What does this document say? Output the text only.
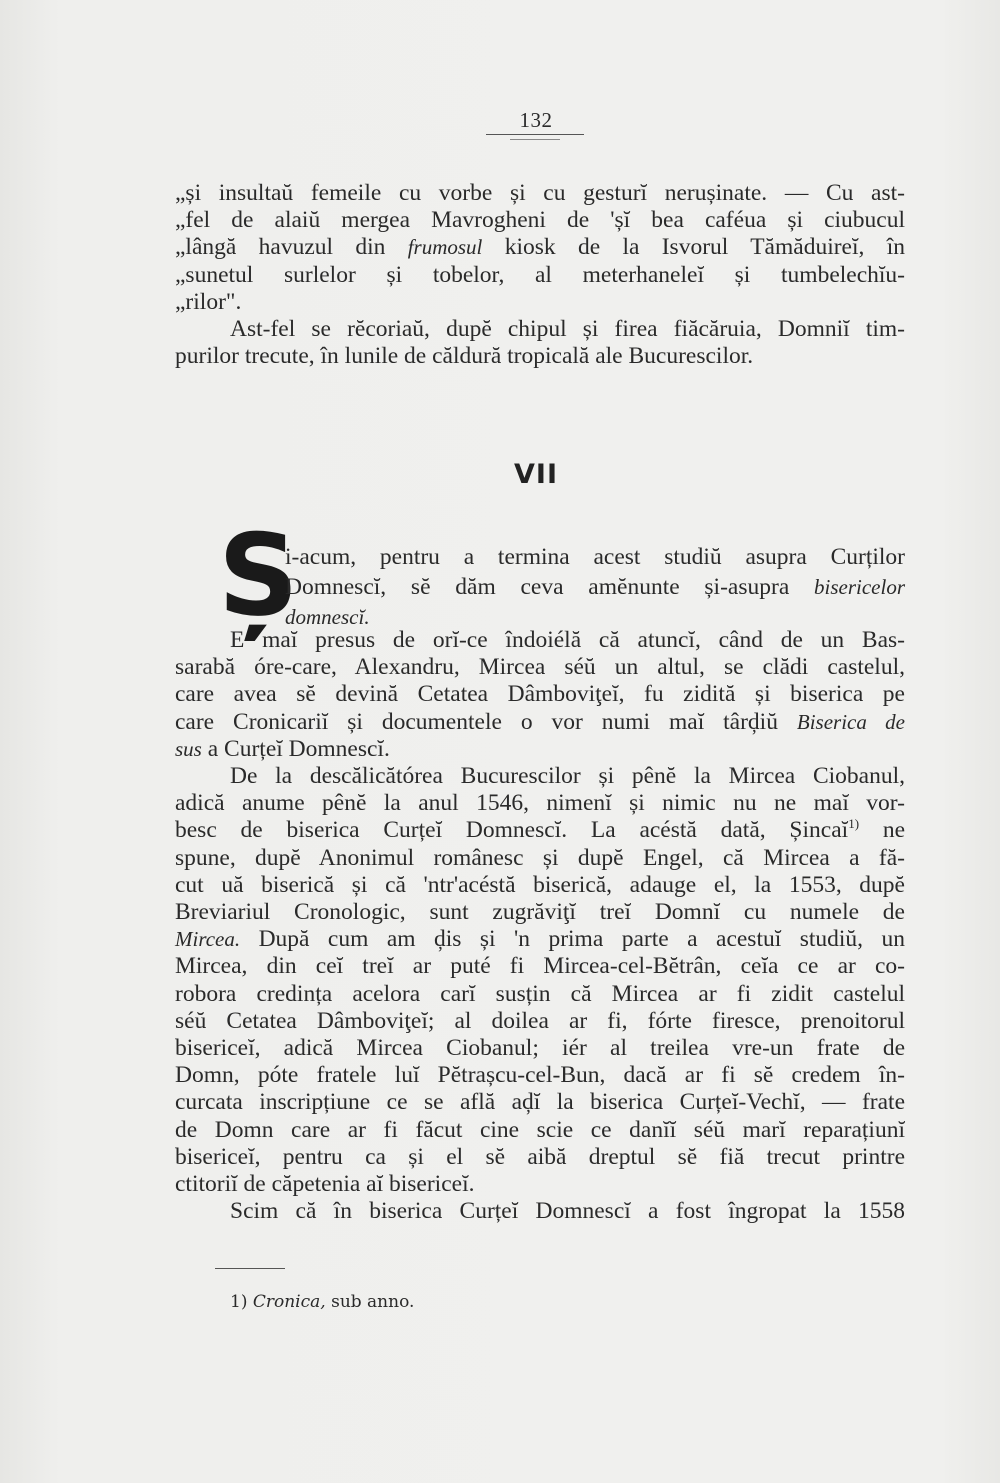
132
„și insultaŭ femeile cu vorbe și cu gesturĭ nerușinate. — Cu ast-
„fel de alaiŭ mergea Mavrogheni de 'șĭ bea caféua și ciubucul
„lângă havuzul din frumosul kiosk de la Isvorul Tămăduireĭ, în
„sunetul surlelor și tobelor, al meterhaneleĭ și tumbelechĭu-
„rilor".
Ast-fel se rĕcoriaŭ, dupĕ chipul și firea fiăcăruia, Domniĭ tim-
purilor trecute, în lunile de căldură tropicală ale Bucurescilor.
VII
Ș
i-acum, pentru a termina acest studiŭ asupra Curților
Domnescĭ, sĕ dăm ceva amĕnunte și-asupra bisericelor
domnescĭ.
E maĭ presus de orĭ-ce îndoiélă că atuncĭ, când de un Bas-
sarabă óre-care, Alexandru, Mircea séŭ un altul, se clădi castelul,
care avea sĕ devină Cetatea Dâmboviţeĭ, fu zidită și biserica pe
care Cronicariĭ și documentele o vor numi maĭ târḑiŭ Biserica de
sus a Curțeĭ Domnescĭ.
De la descălicătórea Bucurescilor și pênĕ la Mircea Ciobanul,
adică anume pênĕ la anul 1546, nimenĭ și nimic nu ne maĭ vor-
besc de biserica Curțeĭ Domnescĭ. La acéstă dată, Șincaĭ$^{1)}$ ne
spune, dupĕ Anonimul românesc și dupĕ Engel, că Mircea a fă-
cut uă biserică și că 'ntr'acéstă biserică, adauge el, la 1553, dupĕ
Breviariul Cronologic, sunt zugrăviţĭ treĭ Domnĭ cu numele de
Mircea. După cum am ḑis și 'n prima parte a acestuĭ studiŭ, un
Mircea, din ceĭ treĭ ar puté fi Mircea-cel-Bĕtrân, ceĭa ce ar co-
robora credința acelora carĭ susțin că Mircea ar fi zidit castelul
séŭ Cetatea Dâmboviţeĭ; al doilea ar fi, fórte firesce, prenoitorul
bisericeĭ, adică Mircea Ciobanul; iér al treilea vre-un frate de
Domn, póte fratele luĭ Pĕtrașcu-cel-Bun, dacă ar fi sĕ credem în-
curcata inscripțiune ce se află aḑĭ la biserica Curțeĭ-Vechĭ, — frate
de Domn care ar fi făcut cine scie ce danĭĭ séŭ marĭ reparațiunĭ
bisericeĭ, pentru ca și el sĕ aibă dreptul sĕ fiă trecut printre
ctitoriĭ de căpetenia aĭ bisericeĭ.
Scim că în biserica Curțeĭ Domnescĭ a fost îngropat la 1558
1) Cronica, sub anno.
